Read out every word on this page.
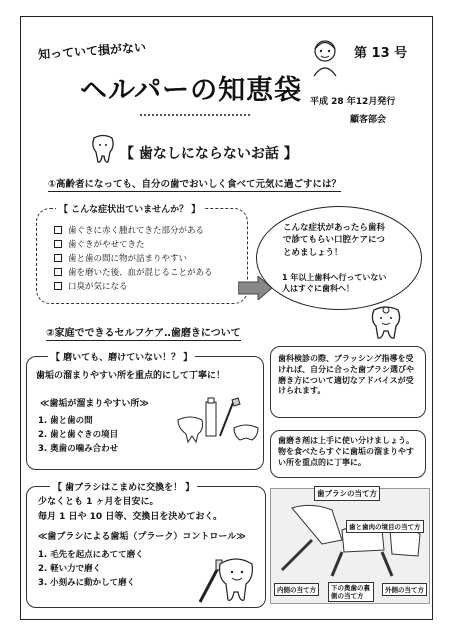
知っていて損がない
ヘルパーの知恵袋
第 13 号
平成 28 年12月発行
顧客部会
【 歯なしにならないお話 】
①高齢者になっても、自分の歯でおいしく食べて元気に過ごすには？
【 こんな症状出ていませんか？ 】
歯ぐきに赤く腫れてきた部分がある
歯ぐきがやせてきた
歯と歯の間に物が詰まりやすい
歯を磨いた後、血が混じることがある
口臭が気になる
こんな症状があったら歯科で診てもらい口腔ケアにつとめましょう！
1 年以上歯科へ行っていない人はすぐに歯科へ！
②家庭でできるセルフケア‥歯磨きについて
【 磨いても、磨けていない！？ 】
歯垢の溜まりやすい所を重点的にして丁寧に！
≪歯垢が溜まりやすい所≫
1. 歯と歯の間
2. 歯と歯ぐきの境目
3. 奥歯の噛み合わせ
歯科検診の際、ブラッシング指導を受ければ、自分に合った歯ブラシ選びや磨き方について適切なアドバイスが受けられます。
歯磨き剤は上手に使い分けましょう。物を食べたらすぐに歯垢の溜まりやすい所を重点的に丁寧に。
【 歯ブラシはこまめに交換を！ 】
少なくとも 1 ヶ月を目安に。
毎月 1 日や 10 日等、交換日を決めておく。
≪歯ブラシによる歯垢（プラーク）コントロール≫
1. 毛先を起点にあてて磨く
2. 軽い力で磨く
3. 小刻みに動かして磨く
歯ブラシの当て方
歯と歯肉の境目の当て方
内側の当て方	下の奥歯の裏側の当て方
外側の当て方
